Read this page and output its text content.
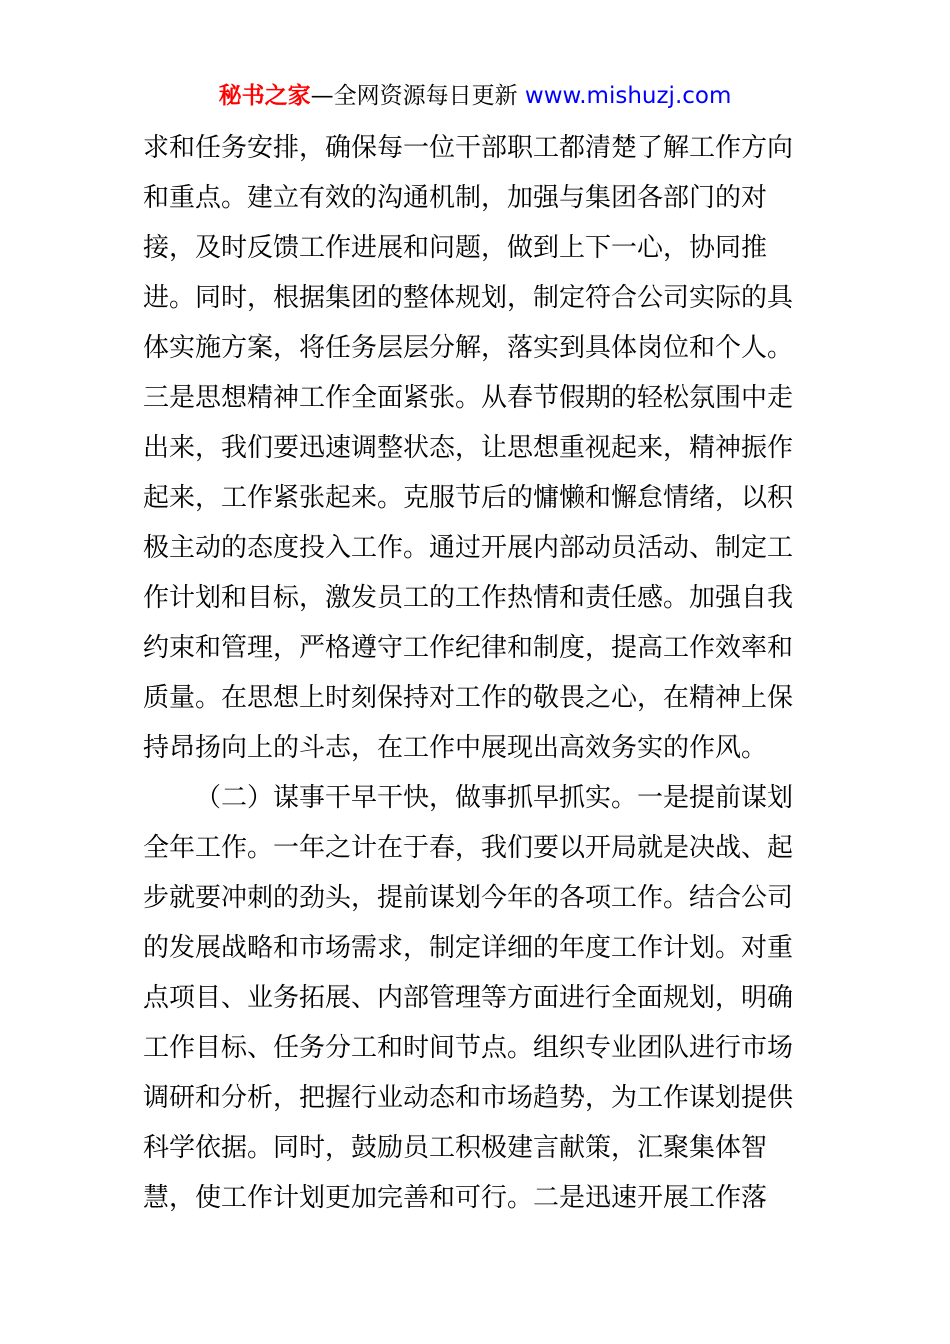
秘书之家—全网资源每日更新 www.mishuzj.com
求和任务安排，确保每一位干部职工都清楚了解工作方向
和重点。建立有效的沟通机制，加强与集团各部门的对
接，及时反馈工作进展和问题，做到上下一心，协同推
进。同时，根据集团的整体规划，制定符合公司实际的具
体实施方案，将任务层层分解，落实到具体岗位和个人。
三是思想精神工作全面紧张。从春节假期的轻松氛围中走
出来，我们要迅速调整状态，让思想重视起来，精神振作
起来，工作紧张起来。克服节后的慵懒和懈怠情绪，以积
极主动的态度投入工作。通过开展内部动员活动、制定工
作计划和目标，激发员工的工作热情和责任感。加强自我
约束和管理，严格遵守工作纪律和制度，提高工作效率和
质量。在思想上时刻保持对工作的敬畏之心，在精神上保
持昂扬向上的斗志，在工作中展现出高效务实的作风。
（二）谋事干早干快，做事抓早抓实。一是提前谋划
全年工作。一年之计在于春，我们要以开局就是决战、起
步就要冲刺的劲头，提前谋划今年的各项工作。结合公司
的发展战略和市场需求，制定详细的年度工作计划。对重
点项目、业务拓展、内部管理等方面进行全面规划，明确
工作目标、任务分工和时间节点。组织专业团队进行市场
调研和分析，把握行业动态和市场趋势，为工作谋划提供
科学依据。同时，鼓励员工积极建言献策，汇聚集体智
慧，使工作计划更加完善和可行。二是迅速开展工作落
